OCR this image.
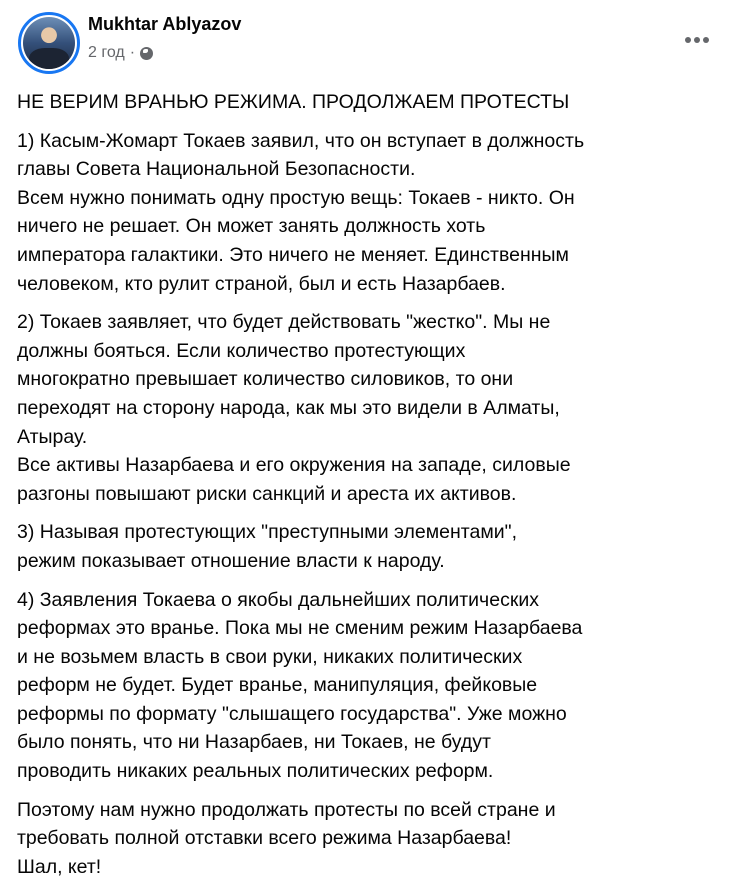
Mukhtar Ablyazov
2 год ·
НЕ ВЕРИМ ВРАНЬЮ РЕЖИМА. ПРОДОЛЖАЕМ ПРОТЕСТЫ
1) Касым-Жомарт Токаев заявил, что он вступает в должность
главы Совета Национальной Безопасности.
Всем нужно понимать одну простую вещь: Токаев - никто. Он
ничего не решает. Он может занять должность хоть
императора галактики. Это ничего не меняет. Единственным
человеком, кто рулит страной, был и есть Назарбаев.
2) Токаев заявляет, что будет действовать "жестко". Мы не
должны бояться. Если количество протестующих
многократно превышает количество силовиков, то они
переходят на сторону народа, как мы это видели в Алматы,
Атырау.
Все активы Назарбаева и его окружения на западе, силовые
разгоны повышают риски санкций и ареста их активов.
3) Называя протестующих "преступными элементами",
режим показывает отношение власти к народу.
4) Заявления Токаева о якобы дальнейших политических
реформах это вранье. Пока мы не сменим режим Назарбаева
и не возьмем власть в свои руки, никаких политических
реформ не будет. Будет вранье, манипуляция, фейковые
реформы по формату "слышащего государства". Уже можно
было понять, что ни Назарбаев, ни Токаев, не будут
проводить никаких реальных политических реформ.
Поэтому нам нужно продолжать протесты по всей стране и
требовать полной отставки всего режима Назарбаева!
Шал, кет!
